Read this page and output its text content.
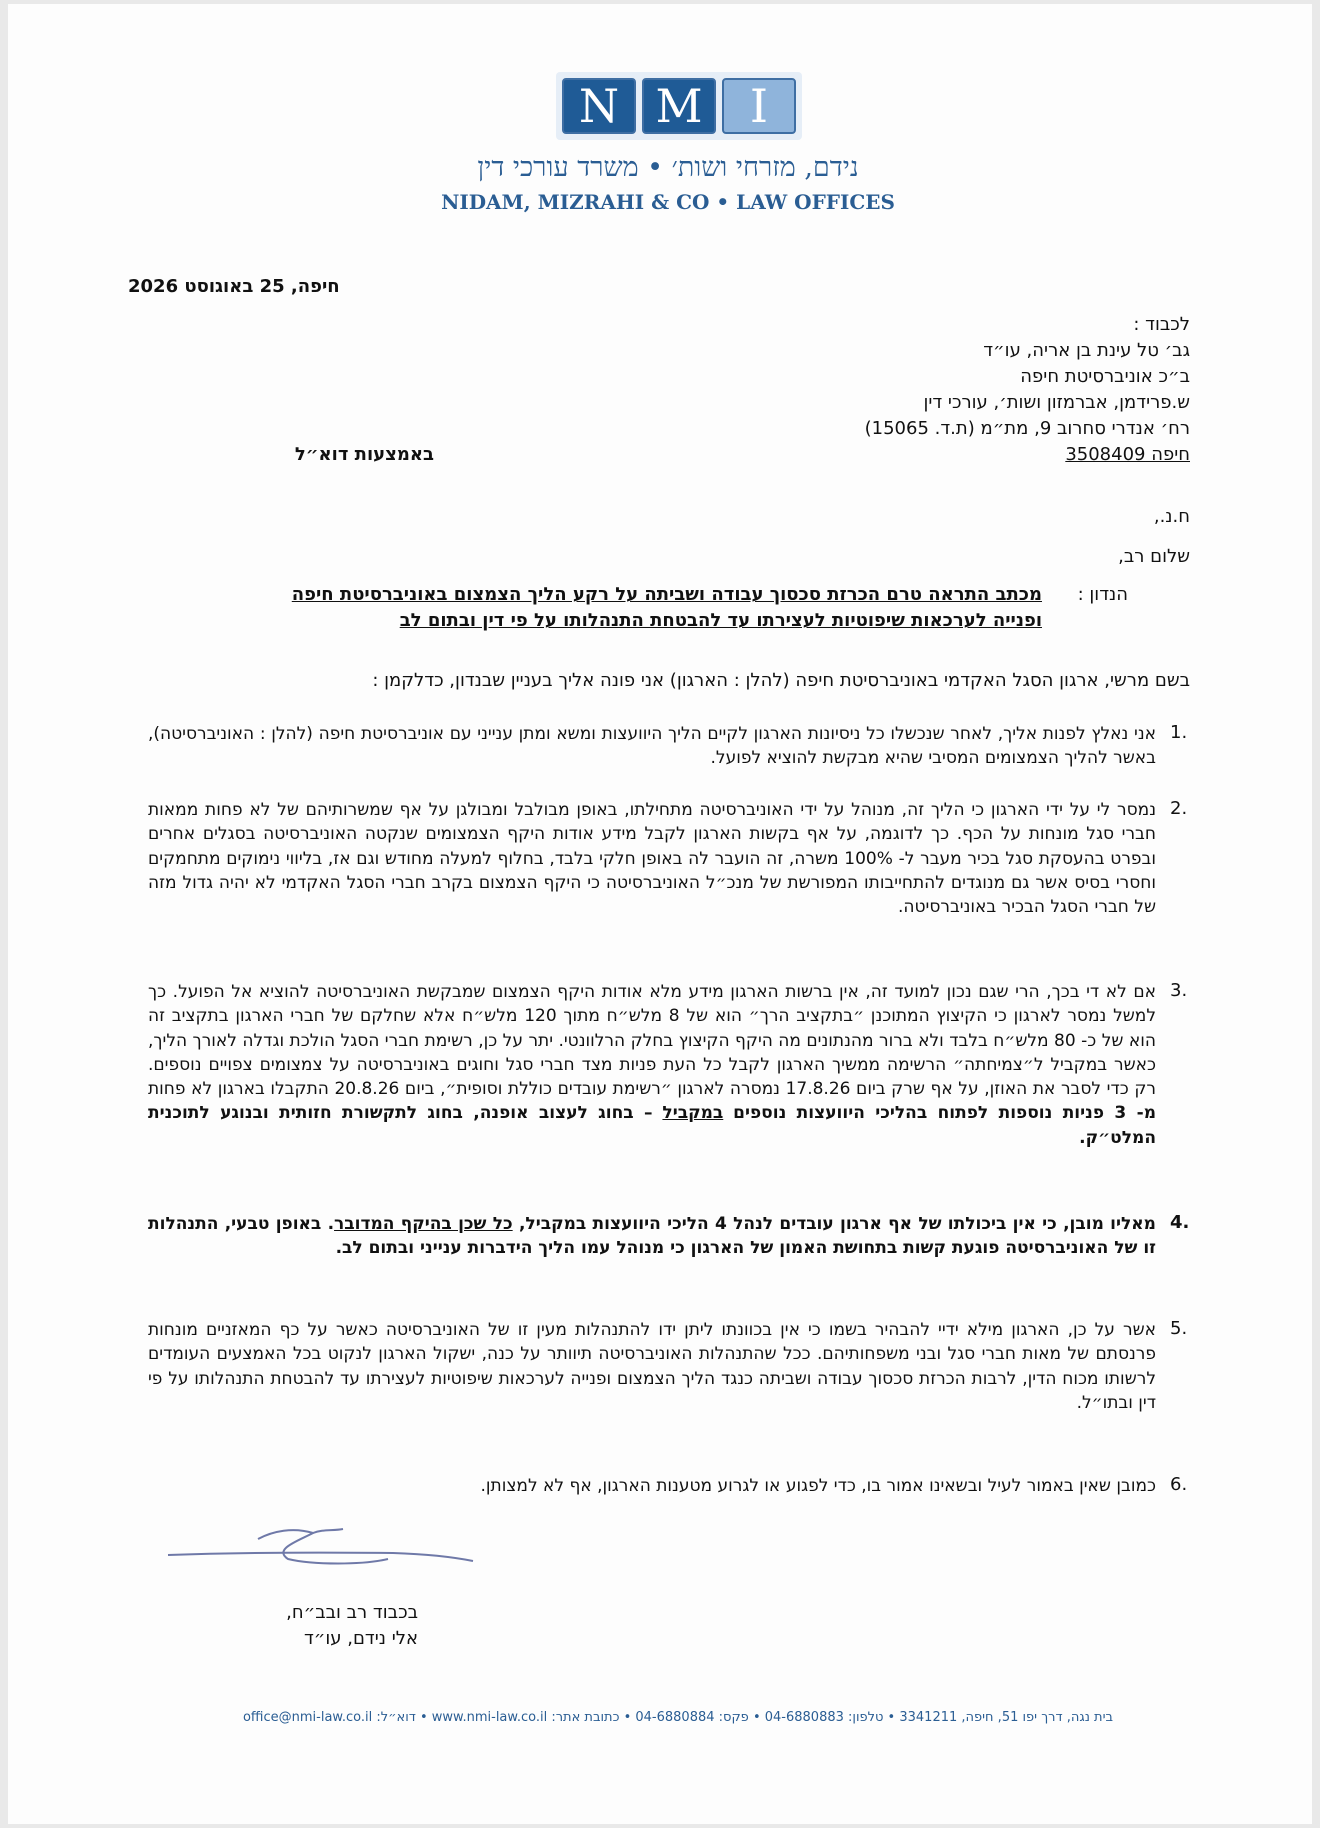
N M	I
נידם, מזרחי ושות׳ • משרד עורכי דין
NIDAM, MIZRAHI & CO • LAW OFFICES
חיפה, 25 באוגוסט 2026
לכבוד :
גב׳ טל עינת בן אריה, עו״ד
ב״כ אוניברסיטת חיפה
ש.פרידמן, אברמזון ושות׳, עורכי דין
רח׳ אנדרי סחרוב 9, מת״מ (ת.ד. 15065)
חיפה 3508409
באמצעות דוא״ל
ח.נ.,
שלום רב,
הנדון :
מכתב התראה טרם הכרזת סכסוך עבודה ושביתה על רקע הליך הצמצום באוניברסיטת חיפה
ופנייה לערכאות שיפוטיות לעצירתו עד להבטחת התנהלותו על פי דין ובתום לב
בשם מרשי, ארגון הסגל האקדמי באוניברסיטת חיפה (להלן : הארגון) אני פונה אליך בעניין שבנדון, כדלקמן :
1.
אני נאלץ לפנות אליך, לאחר שנכשלו כל ניסיונות הארגון לקיים הליך היוועצות ומשא ומתן ענייני עם אוניברסיטת חיפה (להלן : האוניברסיטה), באשר להליך הצמצומים המסיבי שהיא מבקשת להוציא לפועל.
2.
נמסר לי על ידי הארגון כי הליך זה, מנוהל על ידי האוניברסיטה מתחילתו, באופן מבולבל ומבולגן על אף שמשרותיהם של לא פחות ממאות חברי סגל מונחות על הכף. כך לדוגמה, על אף בקשות הארגון לקבל מידע אודות היקף הצמצומים שנקטה האוניברסיטה בסגלים אחרים ובפרט בהעסקת סגל בכיר מעבר ל- 100% משרה, זה הועבר לה באופן חלקי בלבד, בחלוף למעלה מחודש וגם אז, בליווי נימוקים מתחמקים וחסרי בסיס אשר גם מנוגדים להתחייבותו המפורשת של מנכ״ל האוניברסיטה כי היקף הצמצום בקרב חברי הסגל האקדמי לא יהיה גדול מזה של חברי הסגל הבכיר באוניברסיטה.
3.
אם לא די בכך, הרי שגם נכון למועד זה, אין ברשות הארגון מידע מלא אודות היקף הצמצום שמבקשת האוניברסיטה להוציא אל הפועל. כך למשל נמסר לארגון כי הקיצוץ המתוכנן ״בתקציב הרך״ הוא של 8 מלש״ח מתוך 120 מלש״ח אלא שחלקם של חברי הארגון בתקציב זה הוא של כ- 80 מלש״ח בלבד ולא ברור מהנתונים מה היקף הקיצוץ בחלק הרלוונטי. יתר על כן, רשימת חברי הסגל הולכת וגדלה לאורך הליך, כאשר במקביל ל״צמיחתה״ הרשימה ממשיך הארגון לקבל כל העת פניות מצד חברי סגל וחוגים באוניברסיטה על צמצומים צפויים נוספים. רק כדי לסבר את האוזן, על אף שרק ביום 17.8.26 נמסרה לארגון ״רשימת עובדים כוללת וסופית״, ביום 20.8.26 התקבלו בארגון לא פחות מ- 3 פניות נוספות לפתוח בהליכי היוועצות נוספים במקביל – בחוג לעצוב אופנה, בחוג לתקשורת חזותית ובנוגע לתוכנית המלט״ק.
4.
מאליו מובן, כי אין ביכולתו של אף ארגון עובדים לנהל 4 הליכי היוועצות במקביל, כל שכן בהיקף המדובר. באופן טבעי, התנהלות זו של האוניברסיטה פוגעת קשות בתחושת האמון של הארגון כי מנוהל עמו הליך הידברות ענייני ובתום לב.
5.
אשר על כן, הארגון מילא ידיי להבהיר בשמו כי אין בכוונתו ליתן ידו להתנהלות מעין זו של האוניברסיטה כאשר על כף המאזניים מונחות פרנסתם של מאות חברי סגל ובני משפחותיהם. ככל שהתנהלות האוניברסיטה תיוותר על כנה, ישקול הארגון לנקוט בכל האמצעים העומדים לרשותו מכוח הדין, לרבות הכרזת סכסוך עבודה ושביתה כנגד הליך הצמצום ופנייה לערכאות שיפוטיות לעצירתו עד להבטחת התנהלותו על פי דין ובתו״ל.
6.
כמובן שאין באמור לעיל ובשאינו אמור בו, כדי לפגוע או לגרוע מטענות הארגון, אף לא למצותן.
בכבוד רב ובב״ח,
אלי נידם, עו״ד
בית נגה, דרך יפו 51, חיפה, 3341211 • טלפון: 04-6880883 • פקס: 04-6880884 • כתובת אתר: www.nmi-law.co.il • דוא״ל: office@nmi-law.co.il
